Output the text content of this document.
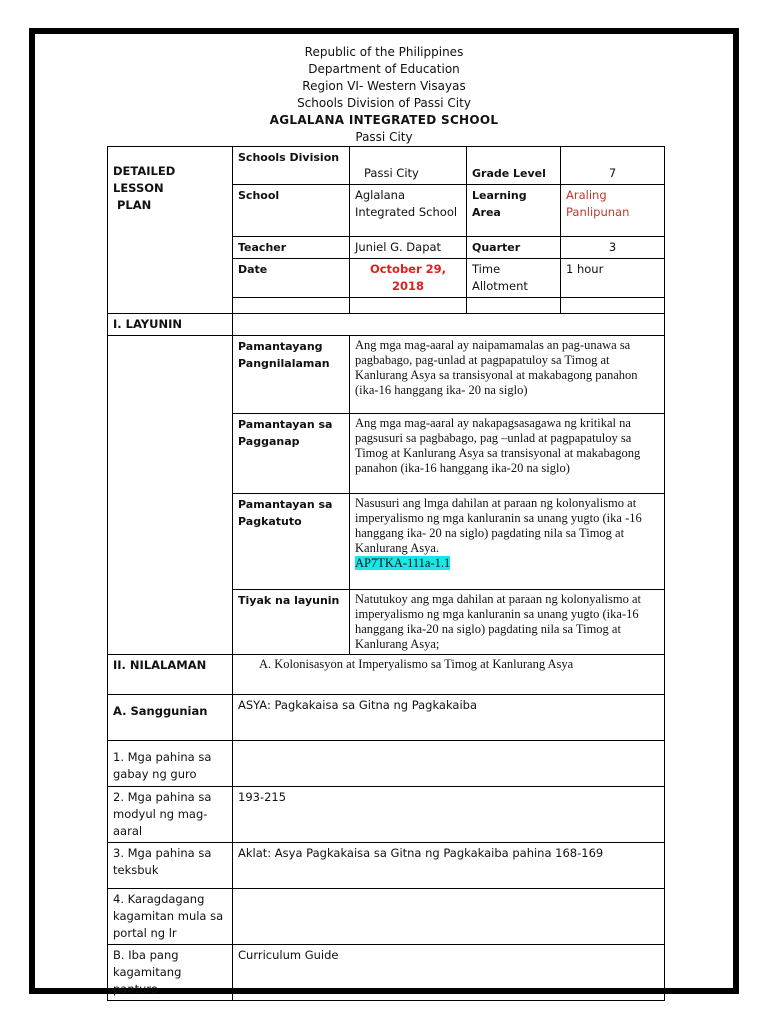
Republic of the Philippines
Department of Education
Region VI- Western Visayas
Schools Division of Passi City
AGLALANA INTEGRATED SCHOOL
Passi City
DETAILED
LESSON
PLAN	Schools Division	Passi City	Grade Level	7
	School	Aglalana Integrated School	Learning Area	Araling Panlipunan
	Teacher	Juniel G. Dapat	Quarter	3
	Date	October 29, 2018	Time Allotment	1 hour

I. LAYUNIN				
	Pamantayang Pangnilalaman	Ang mga mag-aaral ay naipamamalas an pag-unawa sa pagbabago, pag-unlad at pagpapatuloy sa Timog at Kanlurang Asya sa transisyonal at makabagong panahon (ika-16 hanggang ika- 20 na siglo)		
	Pamantayan sa Pagganap	Ang mga mag-aaral ay nakapagsasagawa ng kritikal na pagsusuri sa pagbabago, pag –unlad at pagpapatuloy sa Timog at Kanlurang Asya sa transisyonal at makabagong panahon (ika-16 hanggang ika-20 na siglo)		
	Pamantayan sa Pagkatuto	Nasusuri ang lmga dahilan at paraan ng kolonyalismo at imperyalismo ng mga kanluranin sa unang yugto (ika -16 hanggang ika- 20 na siglo) pagdating nila sa Timog at Kanlurang Asya.
AP7TKA-111a-1.1		
	Tiyak na layunin	Natutukoy ang mga dahilan at paraan ng kolonyalismo at imperyalismo ng mga kanluranin sa unang yugto (ika-16 hanggang ika-20 na siglo) pagdating nila sa Timog at Kanlurang Asya;		
II. NILALAMAN	A. Kolonisasyon at Imperyalismo sa Timog at Kanlurang Asya			
A. Sanggunian	ASYA: Pagkakaisa sa Gitna ng Pagkakaiba			
1. Mga pahina sa gabay ng guro				
2. Mga pahina sa modyul ng mag-aaral	193-215			
3. Mga pahina sa teksbuk	Aklat: Asya Pagkakaisa sa Gitna ng Pagkakaiba pahina 168-169			
4. Karagdagang kagamitan mula sa portal ng lr				
B. Iba pang kagamitang panturo	Curriculum Guide			
